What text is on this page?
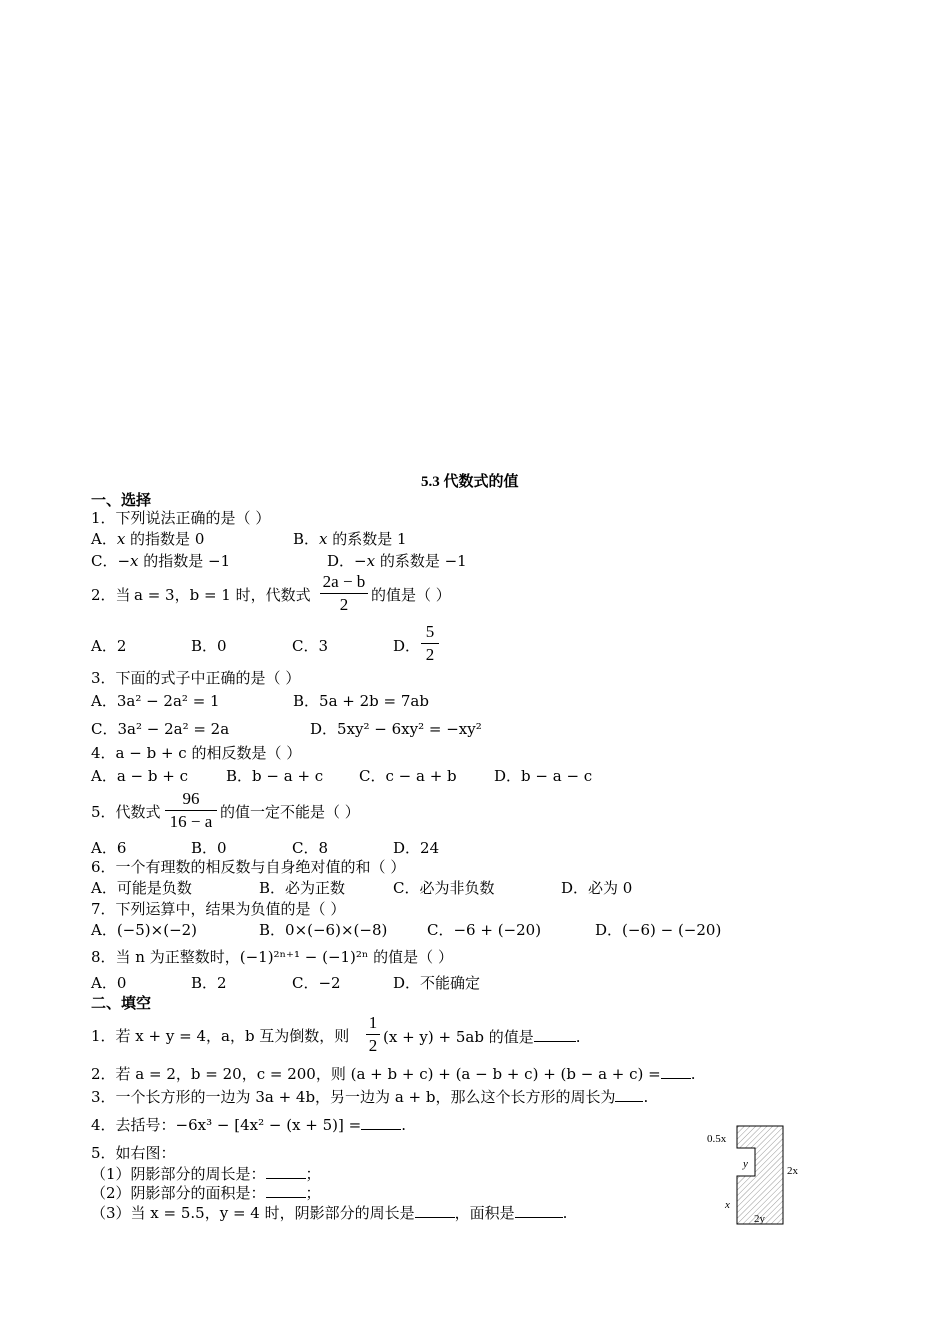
5.3 代数式的值
一、选择
1．下列说法正确的是（ ）
A．𝑥 的指数是 0	B．𝑥 的系数是 1
C．−𝑥 的指数是 −1	D．−𝑥 的系数是 −1
2．当 a = 3，b = 1 时，代数式
2a − b
2	的值是（ ）
A．2	B．0	C．3	D．
5
2
3．下面的式子中正确的是（ ）
A．3a² − 2a² = 1	B．5a + 2b = 7ab
C．3a² − 2a² = 2a	D．5xy² − 6xy² = −xy²
4．a − b + c 的相反数是（ ）
A．a − b + c	B．b − a + c C．c − a + b D．b − a − c
5．代数式
96
16 − a 的值一定不能是（ ）
A．6	B．0	C．8	D．24
6．一个有理数的相反数与自身绝对值的和（ ）
A．可能是负数	B．必为正数	C．必为非负数	D．必为 0
7．下列运算中，结果为负值的是（ ）
A．(−5)×(−2)	B．0×(−6)×(−8)	C．−6 + (−20)	D．(−6) − (−20)
8．当 n 为正整数时，(−1)²ⁿ⁺¹ − (−1)²ⁿ 的值是（ ）
A．0	B．2	C．−2	D．不能确定
二、填空
1．若 x + y = 4，a，b 互为倒数，则
1
2 (x + y) + 5ab 的值是	.
2．若 a = 2，b = 20，c = 200，则 (a + b + c) + (a − b + c) + (b − a + c) = .
3．一个长方形的一边为 3a + 4b，另一边为 a + b，那么这个长方形的周长为 .
4．去括号：−6x³ − [4x² − (x + 5)] =	.
5．如右图：
（1）阴影部分的周长是：	；
（2）阴影部分的面积是：	；
（3）当 x = 5.5，y = 4 时，阴影部分的周长是	，面积是	.
0.5x
y
2x
x
2y
